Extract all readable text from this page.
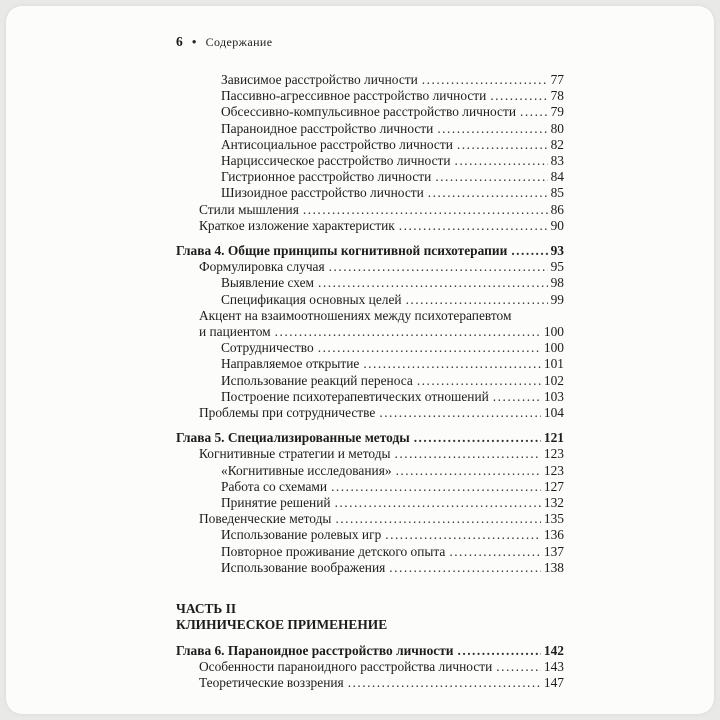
6 ● Содержание
Зависимое расстройство личности .....	77
Пассивно-агрессивное расстройство личности .....	78
Обсессивно-компульсивное расстройство личности .....	79
Параноидное расстройство личности .....	80
Антисоциальное расстройство личности .....	82
Нарциссическое расстройство личности .....	83
Гистрионное расстройство личности .....	84
Шизоидное расстройство личности .....	85
Стили мышления .....	86
Краткое изложение характеристик .....	90
Глава 4. Общие принципы когнитивной психотерапии .....	93
Формулировка случая .....	95
Выявление схем .....	98
Спецификация основных целей .....	99
Акцент на взаимоотношениях между психотерапевтом
и пациентом .....	100
Сотрудничество .....	100
Направляемое открытие .....	101
Использование реакций переноса .....	102
Построение психотерапевтических отношений .....	103
Проблемы при сотрудничестве .....	104
Глава 5. Специализированные методы .....	121
Когнитивные стратегии и методы .....	123
«Когнитивные исследования» .....	123
Работа со схемами .....	127
Принятие решений .....	132
Поведенческие методы .....	135
Использование ролевых игр .....	136
Повторное проживание детского опыта .....	137
Использование воображения .....	138
ЧАСТЬ II
КЛИНИЧЕСКОЕ ПРИМЕНЕНИЕ
Глава 6. Параноидное расстройство личности .....	142
Особенности параноидного расстройства личности .....	143
Теоретические воззрения .....	147
